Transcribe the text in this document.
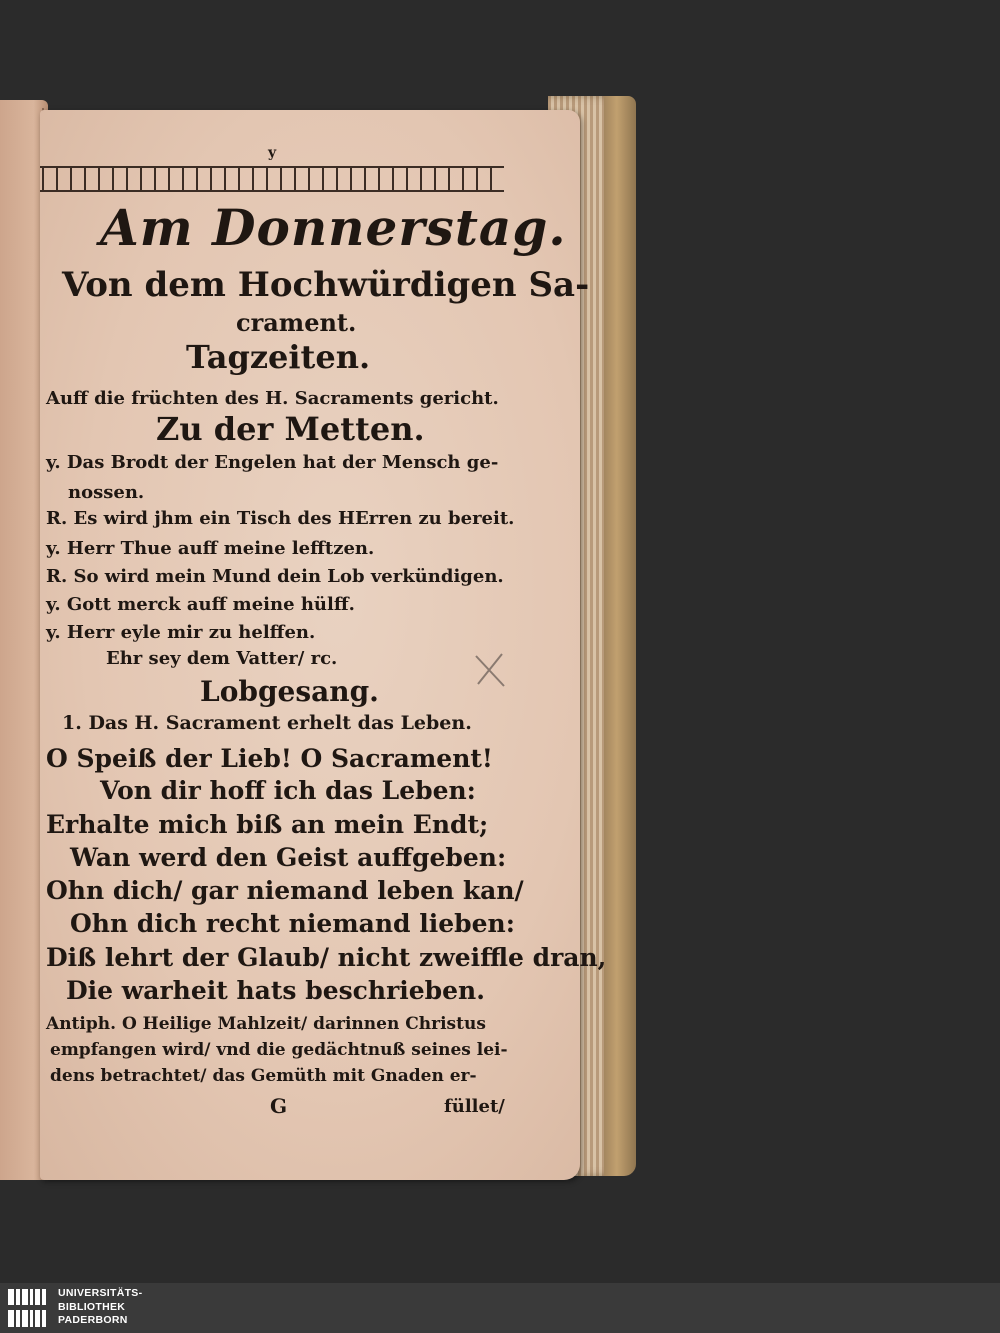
y
Am Donnerstag.
Von dem Hochwürdigen Sa-
crament.
Tagzeiten.
Auff die früchten des H. Sacraments gericht.
Zu der Metten.
y. Das Brodt der Engelen hat der Mensch ge-
nossen.
R. Es wird jhm ein Tisch des HErren zu bereit.
y. Herr Thue auff meine lefftzen.
R. So wird mein Mund dein Lob verkündigen.
y. Gott merck auff meine hülff.
y. Herr eyle mir zu helffen.
Ehr sey dem Vatter/ rc.
Lobgesang.
1. Das H. Sacrament erhelt das Leben.
O Speiß der Lieb! O Sacrament!
Von dir hoff ich das Leben:
Erhalte mich biß an mein Endt;
Wan werd den Geist auffgeben:
Ohn dich/ gar niemand leben kan/
Ohn dich recht niemand lieben:
Diß lehrt der Glaub/ nicht zweiffle dran,
Die warheit hats beschrieben.
Antiph. O Heilige Mahlzeit/ darinnen Christus
empfangen wird/ vnd die gedächtnuß seines lei-
dens betrachtet/ das Gemüth mit Gnaden er-
G	füllet/
UNIVERSITÄTS-
BIBLIOTHEK
PADERBORN
